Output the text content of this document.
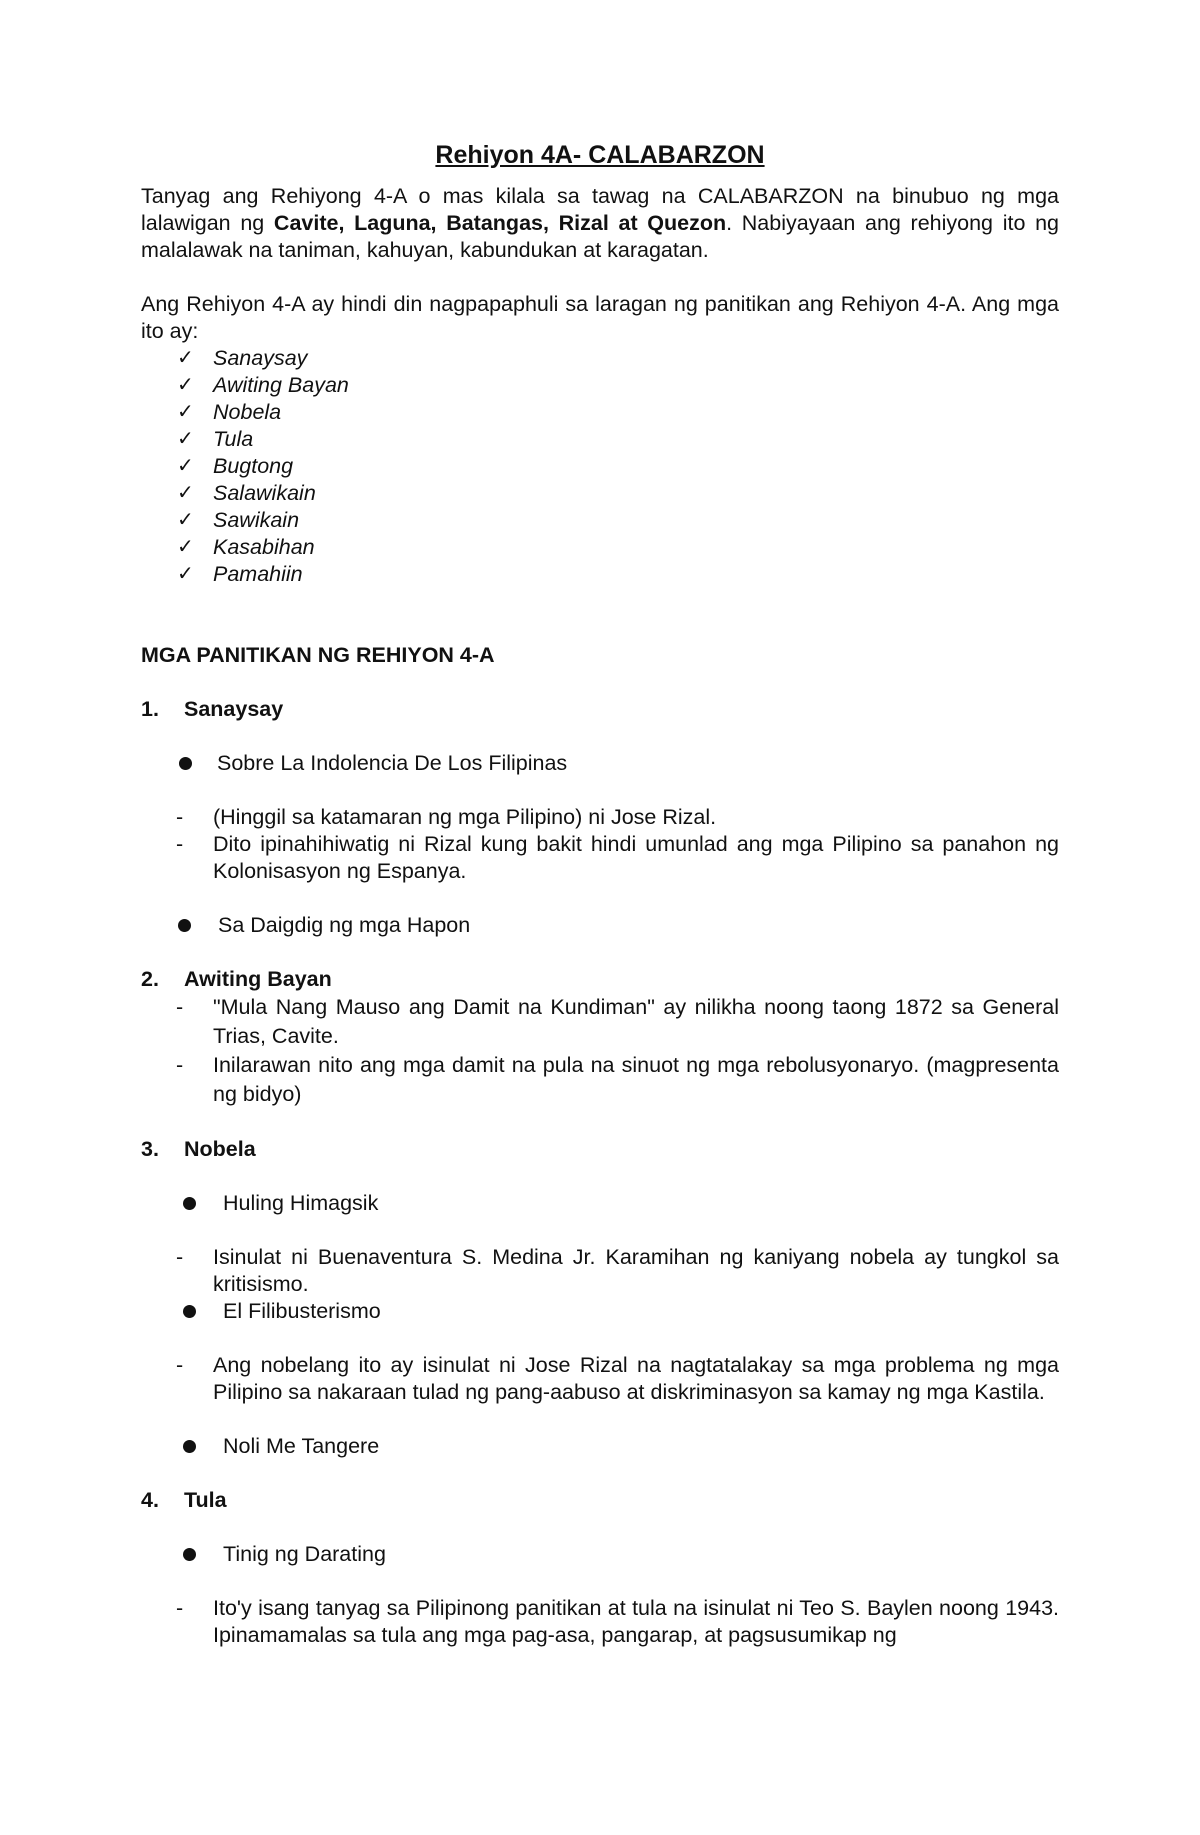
Rehiyon 4A- CALABARZON

Tanyag ang Rehiyong 4-A o mas kilala sa tawag na CALABARZON na binubuo ng mga lalawigan ng Cavite, Laguna, Batangas, Rizal at Quezon. Nabiyayaan ang rehiyong ito ng malalawak na taniman, kahuyan, kabundukan at karagatan.

Ang Rehiyon 4-A ay hindi din nagpapaphuli sa laragan ng panitikan ang Rehiyon 4-A. Ang mga ito ay:

✓ Sanaysay
✓ Awiting Bayan
✓ Nobela
✓ Tula
✓ Bugtong
✓ Salawikain
✓ Sawikain
✓ Kasabihan
✓ Pamahiin

MGA PANITIKAN NG REHIYON 4-A

1. Sanaysay
Sobre La Indolencia De Los Filipinas
- (Hinggil sa katamaran ng mga Pilipino) ni Jose Rizal.
- Dito ipinahihiwatig ni Rizal kung bakit hindi umunlad ang mga Pilipino sa panahon ng Kolonisasyon ng Espanya.
Sa Daigdig ng mga Hapon
2. Awiting Bayan
- "Mula Nang Mauso ang Damit na Kundiman" ay nilikha noong taong 1872 sa General Trias, Cavite.
- Inilarawan nito ang mga damit na pula na sinuot ng mga rebolusyonaryo. (magpresenta ng bidyo)
3. Nobela
Huling Himagsik
- Isinulat ni Buenaventura S. Medina Jr. Karamihan ng kaniyang nobela ay tungkol sa kritisismo.
El Filibusterismo
- Ang nobelang ito ay isinulat ni Jose Rizal na nagtatalakay sa mga problema ng mga Pilipino sa nakaraan tulad ng pang-aabuso at diskriminasyon sa kamay ng mga Kastila.
Noli Me Tangere
4. Tula
Tinig ng Darating
- Ito'y isang tanyag sa Pilipinong panitikan at tula na isinulat ni Teo S. Baylen noong 1943. Ipinamamalas sa tula ang mga pag-asa, pangarap, at pagsusumikap ng
